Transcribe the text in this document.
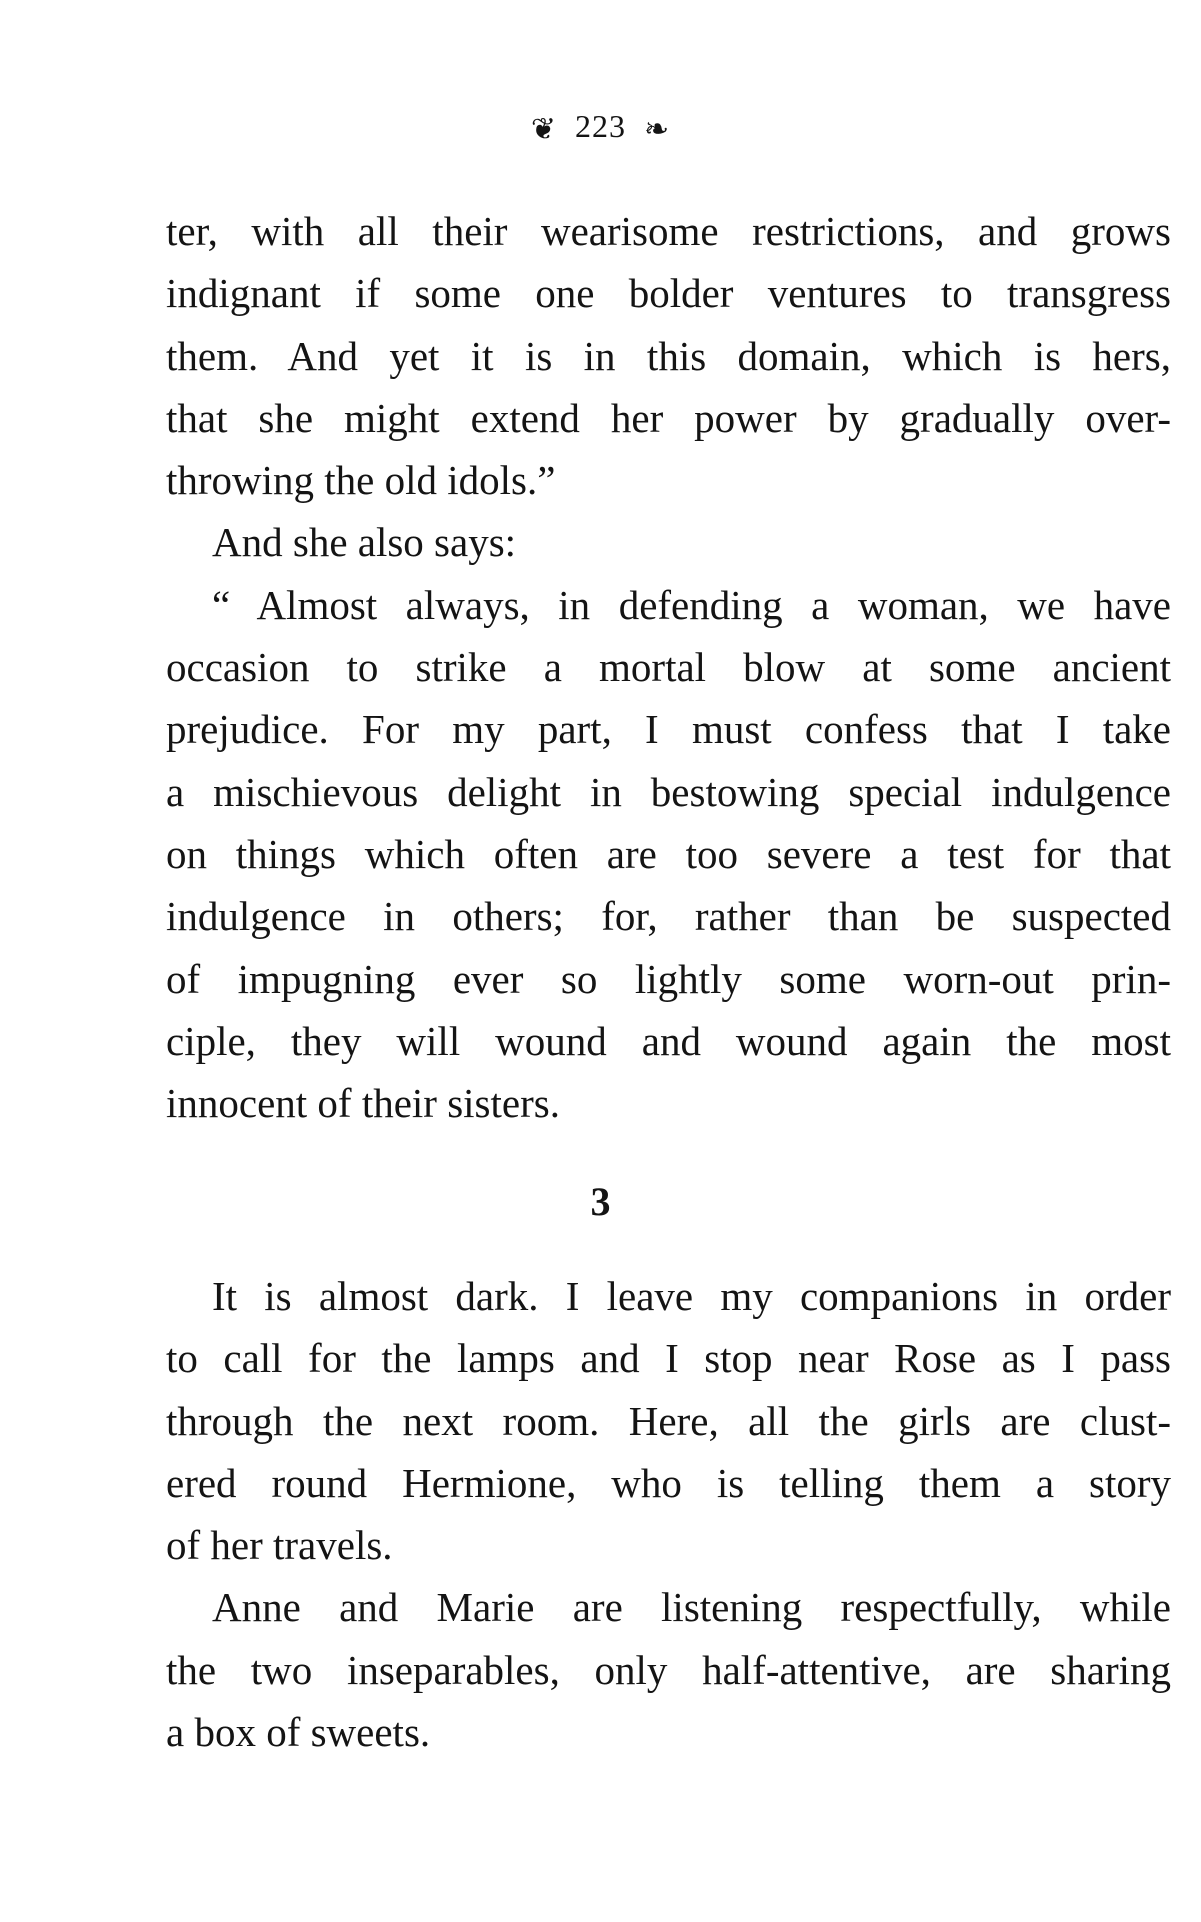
❦ 223 ❧
ter, with all their wearisome restrictions, and grows
indignant if some one bolder ventures to transgress
them. And yet it is in this domain, which is hers,
that she might extend her power by gradually over-
throwing the old idols.”
And she also says:
“ Almost always, in defending a woman, we have
occasion to strike a mortal blow at some ancient
prejudice. For my part, I must confess that I take
a mischievous delight in bestowing special indulgence
on things which often are too severe a test for that
indulgence in others; for, rather than be suspected
of impugning ever so lightly some worn-out prin-
ciple, they will wound and wound again the most
innocent of their sisters.
3
It is almost dark. I leave my companions in order
to call for the lamps and I stop near Rose as I pass
through the next room. Here, all the girls are clust-
ered round Hermione, who is telling them a story
of her travels.
Anne and Marie are listening respectfully, while
the two inseparables, only half-attentive, are sharing
a box of sweets.
